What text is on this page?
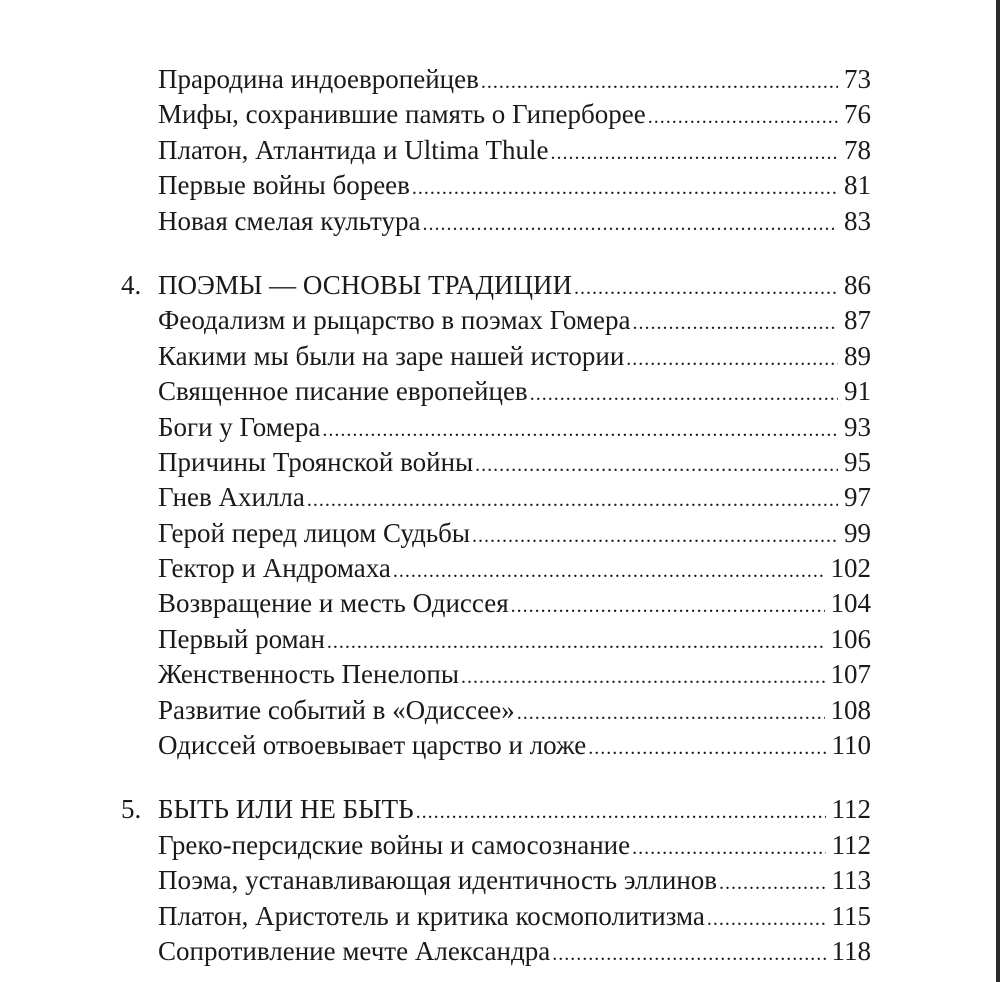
Прародина индоевропейцев .....	73
Мифы, сохранившие память о Гиперборее .....	76
Платон, Атлантида и Ultima Thule .....	78
Первые войны бореев .....	81
Новая смелая культура .....	83
4. ПОЭМЫ — ОСНОВЫ ТРАДИЦИИ .....	86
Феодализм и рыцарство в поэмах Гомера .....	87
Какими мы были на заре нашей истории .....	89
Священное писание европейцев .....	91
Боги у Гомера .....	93
Причины Троянской войны .....	95
Гнев Ахилла .....	97
Герой перед лицом Судьбы .....	99
Гектор и Андромаха .....	102
Возвращение и месть Одиссея .....	104
Первый роман .....	106
Женственность Пенелопы .....	107
Развитие событий в «Одиссее» .....	108
Одиссей отвоевывает царство и ложе .....	110
5. БЫТЬ ИЛИ НЕ БЫТЬ .....	112
Греко-персидские войны и самосознание .....	112
Поэма, устанавливающая идентичность эллинов .....	113
Платон, Аристотель и критика космополитизма .....	115
Сопротивление мечте Александра .....	118
